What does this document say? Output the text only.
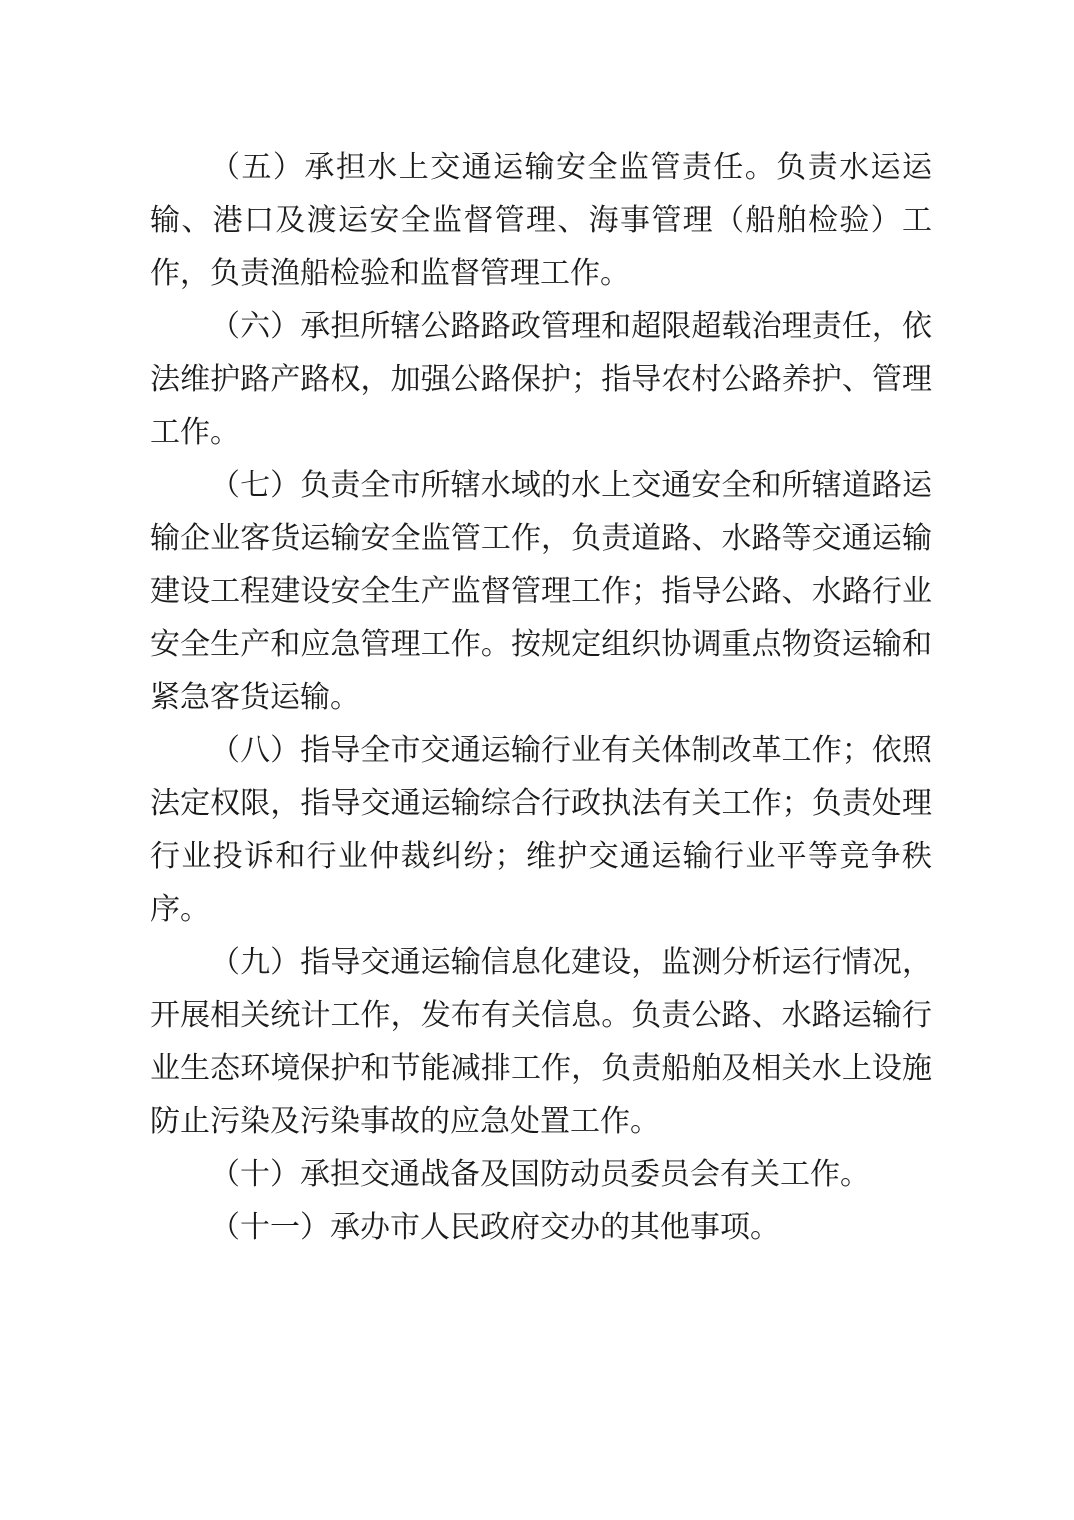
（五）承担水上交通运输安全监管责任。负责水运运输、港口及渡运安全监督管理、海事管理（船舶检验）工作，负责渔船检验和监督管理工作。

（六）承担所辖公路路政管理和超限超载治理责任，依法维护路产路权，加强公路保护；指导农村公路养护、管理工作。

（七）负责全市所辖水域的水上交通安全和所辖道路运输企业客货运输安全监管工作，负责道路、水路等交通运输建设工程建设安全生产监督管理工作；指导公路、水路行业安全生产和应急管理工作。按规定组织协调重点物资运输和紧急客货运输。

（八）指导全市交通运输行业有关体制改革工作；依照法定权限，指导交通运输综合行政执法有关工作；负责处理行业投诉和行业仲裁纠纷；维护交通运输行业平等竞争秩序。

（九）指导交通运输信息化建设，监测分析运行情况，开展相关统计工作，发布有关信息。负责公路、水路运输行业生态环境保护和节能减排工作，负责船舶及相关水上设施防止污染及污染事故的应急处置工作。

（十）承担交通战备及国防动员委员会有关工作。

（十一）承办市人民政府交办的其他事项。
